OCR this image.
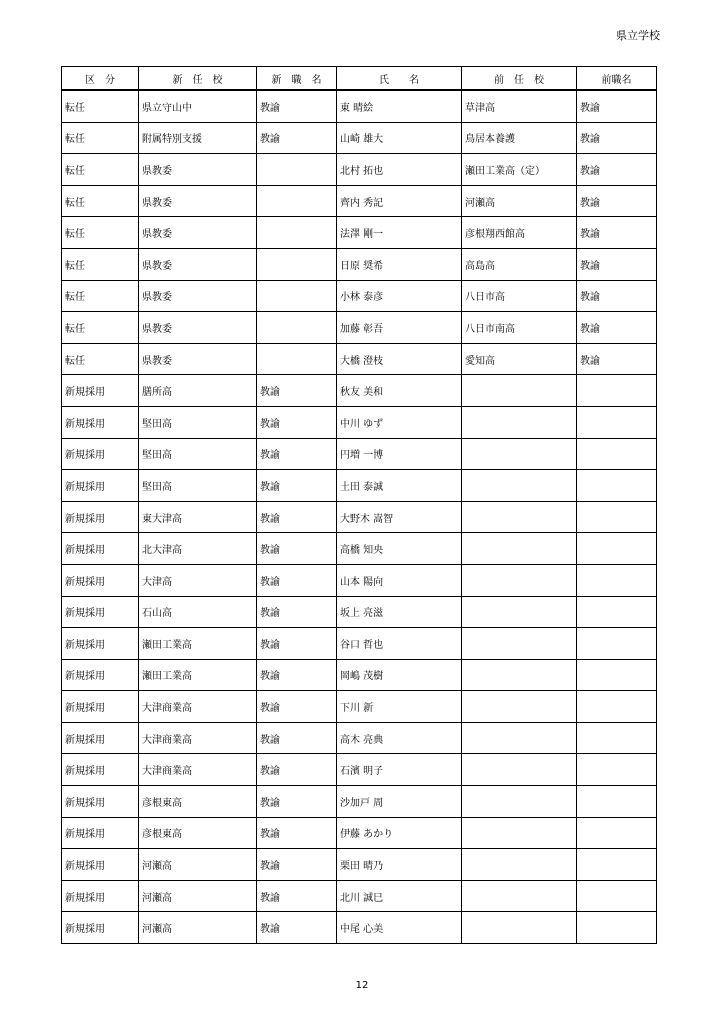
県立学校
区　分	新　任　校	新　職　名	氏　　名	前　任　校	前職名
転任	県立守山中	教諭	東 晴絵	草津高	教諭
転任	附属特別支援	教諭	山崎 雄大	鳥居本養護	教諭
転任	県教委		北村 拓也	瀬田工業高（定）	教諭
転任	県教委		齊内 秀記	河瀬高	教諭
転任	県教委		法澤 剛一	彦根翔西館高	教諭
転任	県教委		日原 奨希	高島高	教諭
転任	県教委		小林 泰彦	八日市高	教諭
転任	県教委		加藤 彰吾	八日市南高	教諭
転任	県教委		大橋 澄枝	愛知高	教諭
新規採用	膳所高	教諭	秋友 美和		
新規採用	堅田高	教諭	中川 ゆず		
新規採用	堅田高	教諭	円増 一博		
新規採用	堅田高	教諭	土田 泰誠		
新規採用	東大津高	教諭	大野木 嵩智		
新規採用	北大津高	教諭	高橋 知央		
新規採用	大津高	教諭	山本 陽向		
新規採用	石山高	教諭	坂上 亮滋		
新規採用	瀬田工業高	教諭	谷口 哲也		
新規採用	瀬田工業高	教諭	岡嶋 茂樹		
新規採用	大津商業高	教諭	下川 新		
新規採用	大津商業高	教諭	高木 亮典		
新規採用	大津商業高	教諭	石濱 明子		
新規採用	彦根東高	教諭	沙加戸 周		
新規採用	彦根東高	教諭	伊藤 あかり		
新規採用	河瀬高	教諭	栗田 晴乃		
新規採用	河瀬高	教諭	北川 誠巳		
新規採用	河瀬高	教諭	中尾 心美		
12
